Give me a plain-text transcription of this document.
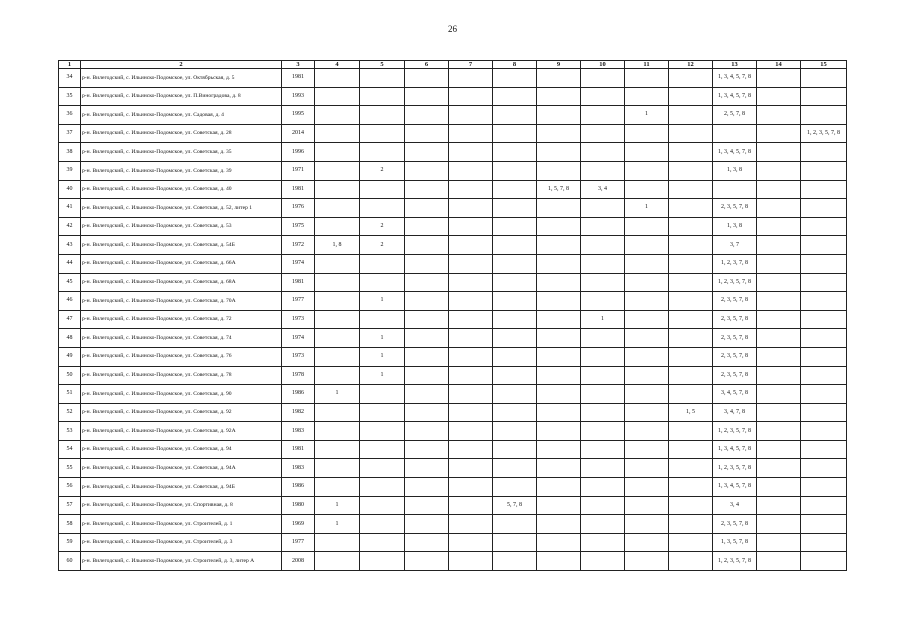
26
1	2	3	4	5	6	7	8	9	10	11	12	13	14	15
34	р-н. Вилегодский, с. Ильинско-Подомское, ул. Октябрьская, д. 5	1981										1, 3, 4, 5, 7, 8		
35	р-н. Вилегодский, с. Ильинско-Подомское, ул. П.Виноградова, д. 8	1993										1, 3, 4, 5, 7, 8		
36	р-н. Вилегодский, с. Ильинско-Подомское, ул. Садовая, д. 4	1995								1		2, 5, 7, 8		
37	р-н. Вилегодский, с. Ильинско-Подомское, ул. Советская, д. 28	2014												1, 2, 3, 5, 7, 8
38	р-н. Вилегодский, с. Ильинско-Подомское, ул. Советская, д. 35	1996										1, 3, 4, 5, 7, 8		
39	р-н. Вилегодский, с. Ильинско-Подомское, ул. Советская, д. 39	1971		2								1, 3, 8		
40	р-н. Вилегодский, с. Ильинско-Подомское, ул. Советская, д. 40	1981						1, 5, 7, 8	3, 4					
41	р-н. Вилегодский, с. Ильинско-Подомское, ул. Советская, д. 52, литер 1	1976								1		2, 3, 5, 7, 8		
42	р-н. Вилегодский, с. Ильинско-Подомское, ул. Советская, д. 53	1975		2								1, 3, 8		
43	р-н. Вилегодский, с. Ильинско-Подомское, ул. Советская, д. 54Б	1972	1, 8	2								3, 7		
44	р-н. Вилегодский, с. Ильинско-Подомское, ул. Советская, д. 66А	1974										1, 2, 3, 7, 8		
45	р-н. Вилегодский, с. Ильинско-Подомское, ул. Советская, д. 68А	1981										1, 2, 3, 5, 7, 8		
46	р-н. Вилегодский, с. Ильинско-Подомское, ул. Советская, д. 70А	1977		1								2, 3, 5, 7, 8		
47	р-н. Вилегодский, с. Ильинско-Подомское, ул. Советская, д. 72	1973							1			2, 3, 5, 7, 8		
48	р-н. Вилегодский, с. Ильинско-Подомское, ул. Советская, д. 74	1974		1								2, 3, 5, 7, 8		
49	р-н. Вилегодский, с. Ильинско-Подомское, ул. Советская, д. 76	1973		1								2, 3, 5, 7, 8		
50	р-н. Вилегодский, с. Ильинско-Подомское, ул. Советская, д. 78	1978		1								2, 3, 5, 7, 8		
51	р-н. Вилегодский, с. Ильинско-Подомское, ул. Советская, д. 90	1986	1									3, 4, 5, 7, 8		
52	р-н. Вилегодский, с. Ильинско-Подомское, ул. Советская, д. 92	1982									1, 5	3, 4, 7, 8		
53	р-н. Вилегодский, с. Ильинско-Подомское, ул. Советская, д. 92А	1983										1, 2, 3, 5, 7, 8		
54	р-н. Вилегодский, с. Ильинско-Подомское, ул. Советская, д. 94	1981										1, 3, 4, 5, 7, 8		
55	р-н. Вилегодский, с. Ильинско-Подомское, ул. Советская, д. 94А	1983										1, 2, 3, 5, 7, 8		
56	р-н. Вилегодский, с. Ильинско-Подомское, ул. Советская, д. 94Б	1986										1, 3, 4, 5, 7, 8		
57	р-н. Вилегодский, с. Ильинско-Подомское, ул. Спортивная, д. 8	1980	1				5, 7, 8					3, 4		
58	р-н. Вилегодский, с. Ильинско-Подомское, ул. Строителей, д. 1	1969	1									2, 3, 5, 7, 8		
59	р-н. Вилегодский, с. Ильинско-Подомское, ул. Строителей, д. 3	1977										1, 3, 5, 7, 8		
60	р-н. Вилегодский, с. Ильинско-Подомское, ул. Строителей, д. 3, литер А	2008										1, 2, 3, 5, 7, 8		
